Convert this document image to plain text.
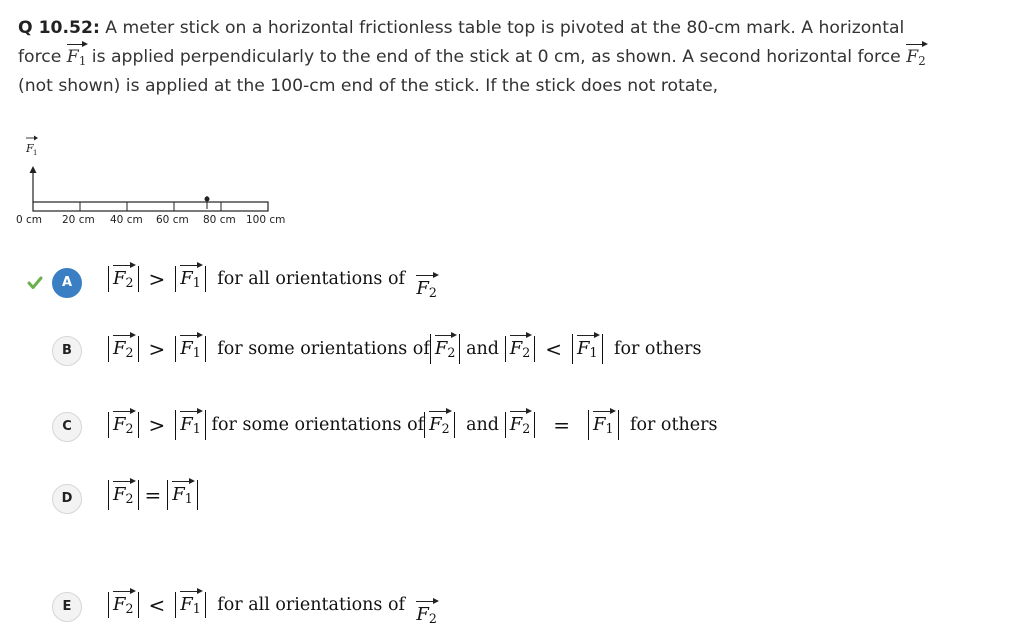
Q 10.52: A meter stick on a horizontal frictionless table top is pivoted at the 80-cm mark. A horizontal
force
$F_1$ is applied perpendicularly to the end of the stick at 0 cm, as shown. A second horizontal force
$F_2$
(not shown) is applied at the 100-cm end of the stick. If the stick does not rotate,
F 1
0 cm 20 cm 40 cm 60 cm 80 cm 100 cm
A	$F_2 > F_1$ for all orientations of $F_2$
B	$F_2 > F_1$ for some orientations of $F_2$ and $F_2 < F_1$ for others
C	$F_2 > F_1$ for some orientations of $F_2$ and $F_2 = F_1$ for others
D	$F_2 = F_1$
E	$F_2 < F_1$ for all orientations of $F_2$
